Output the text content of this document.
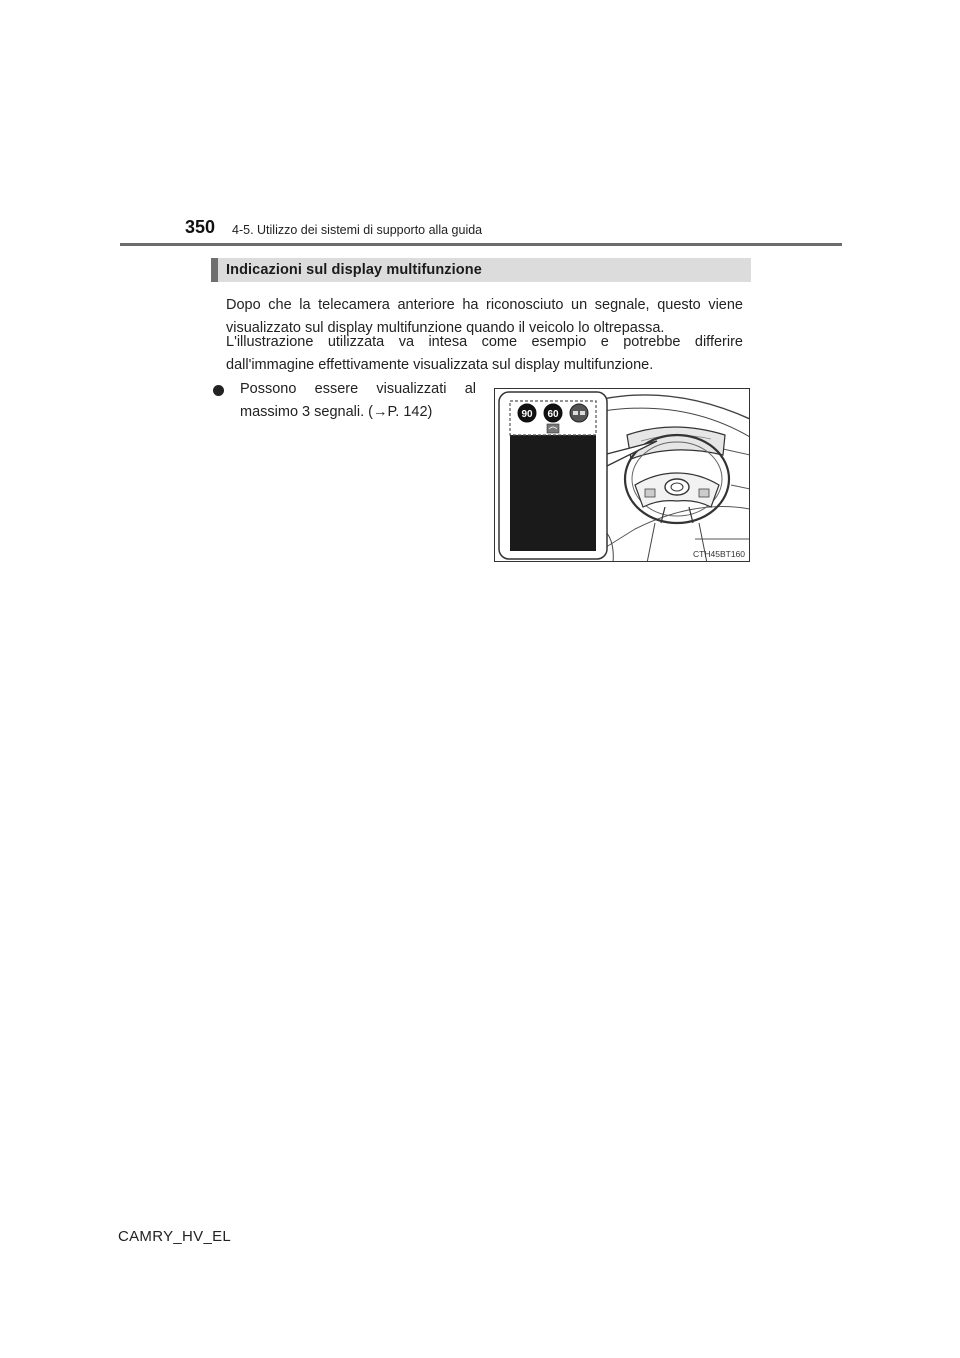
350 4-5. Utilizzo dei sistemi di supporto alla guida
Indicazioni sul display multifunzione

Dopo che la telecamera anteriore ha riconosciuto un segnale, questo viene
visualizzato sul display multifunzione quando il veicolo lo oltrepassa.

L'illustrazione utilizzata va intesa come esempio e potrebbe differire
dall'immagine effettivamente visualizzata sul display multifunzione.

Possono essere visualizzati al
massimo 3 segnali. (→P. 142)	90 60
CTH45BT160
CAMRY_HV_EL
